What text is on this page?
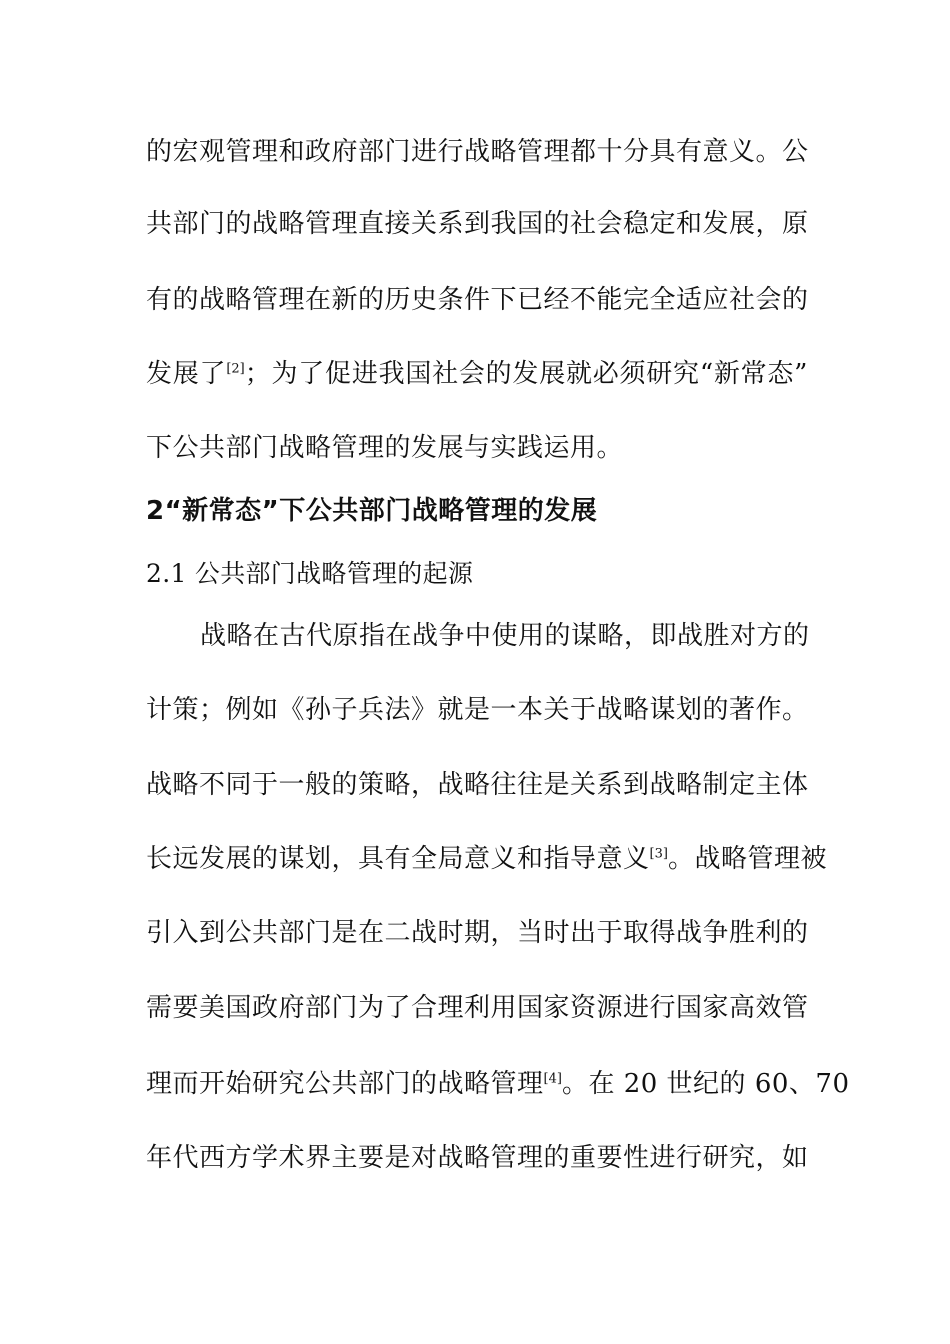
的宏观管理和政府部门进行战略管理都十分具有意义。公
共部门的战略管理直接关系到我国的社会稳定和发展，原
有的战略管理在新的历史条件下已经不能完全适应社会的
发展了[2]；为了促进我国社会的发展就必须研究“新常态”
下公共部门战略管理的发展与实践运用。
2“新常态”下公共部门战略管理的发展
2.1 公共部门战略管理的起源
战略在古代原指在战争中使用的谋略，即战胜对方的
计策；例如《孙子兵法》就是一本关于战略谋划的著作。
战略不同于一般的策略，战略往往是关系到战略制定主体
长远发展的谋划，具有全局意义和指导意义[3]。战略管理被
引入到公共部门是在二战时期，当时出于取得战争胜利的
需要美国政府部门为了合理利用国家资源进行国家高效管
理而开始研究公共部门的战略管理[4]。在 20 世纪的 60、70
年代西方学术界主要是对战略管理的重要性进行研究，如
